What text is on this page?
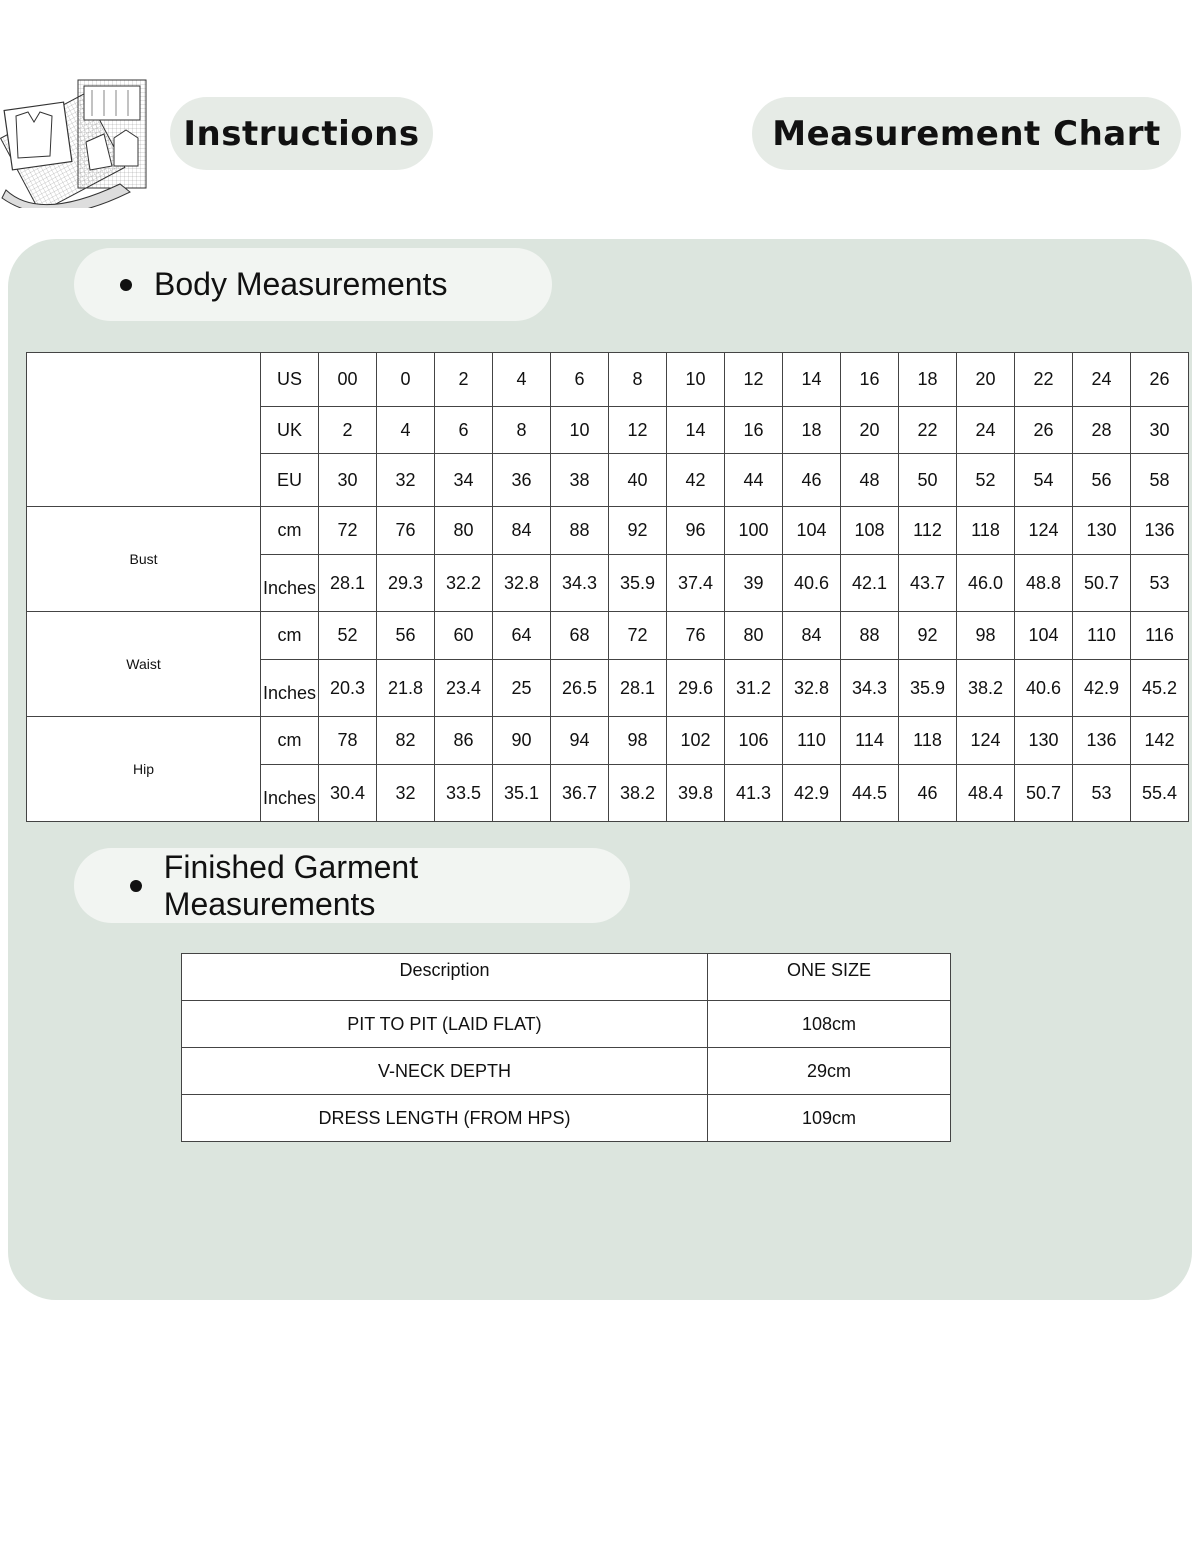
Instructions	Measurement Chart
Body Measurements
	US	00	0	2	4	6	8	10	12	14	16	18	20	22	24	26
	UK	2	4	6	8	10	12	14	16	18	20	22	24	26	28	30
	EU	30	32	34	36	38	40	42	44	46	48	50	52	54	56	58
Bust	cm	72	76	80	84	88	92	96	100	104	108	112	118	124	130	136
	Inches	28.1	29.3	32.2	32.8	34.3	35.9	37.4	39	40.6	42.1	43.7	46.0	48.8	50.7	53
Waist	cm	52	56	60	64	68	72	76	80	84	88	92	98	104	110	116
	Inches	20.3	21.8	23.4	25	26.5	28.1	29.6	31.2	32.8	34.3	35.9	38.2	40.6	42.9	45.2
Hip	cm	78	82	86	90	94	98	102	106	110	114	118	124	130	136	142
	Inches	30.4	32	33.5	35.1	36.7	38.2	39.8	41.3	42.9	44.5	46	48.4	50.7	53	55.4
Finished Garment Measurements
Description	ONE SIZE
PIT TO PIT (LAID FLAT)	108cm
V-NECK DEPTH	29cm
DRESS LENGTH (FROM HPS)	109cm
